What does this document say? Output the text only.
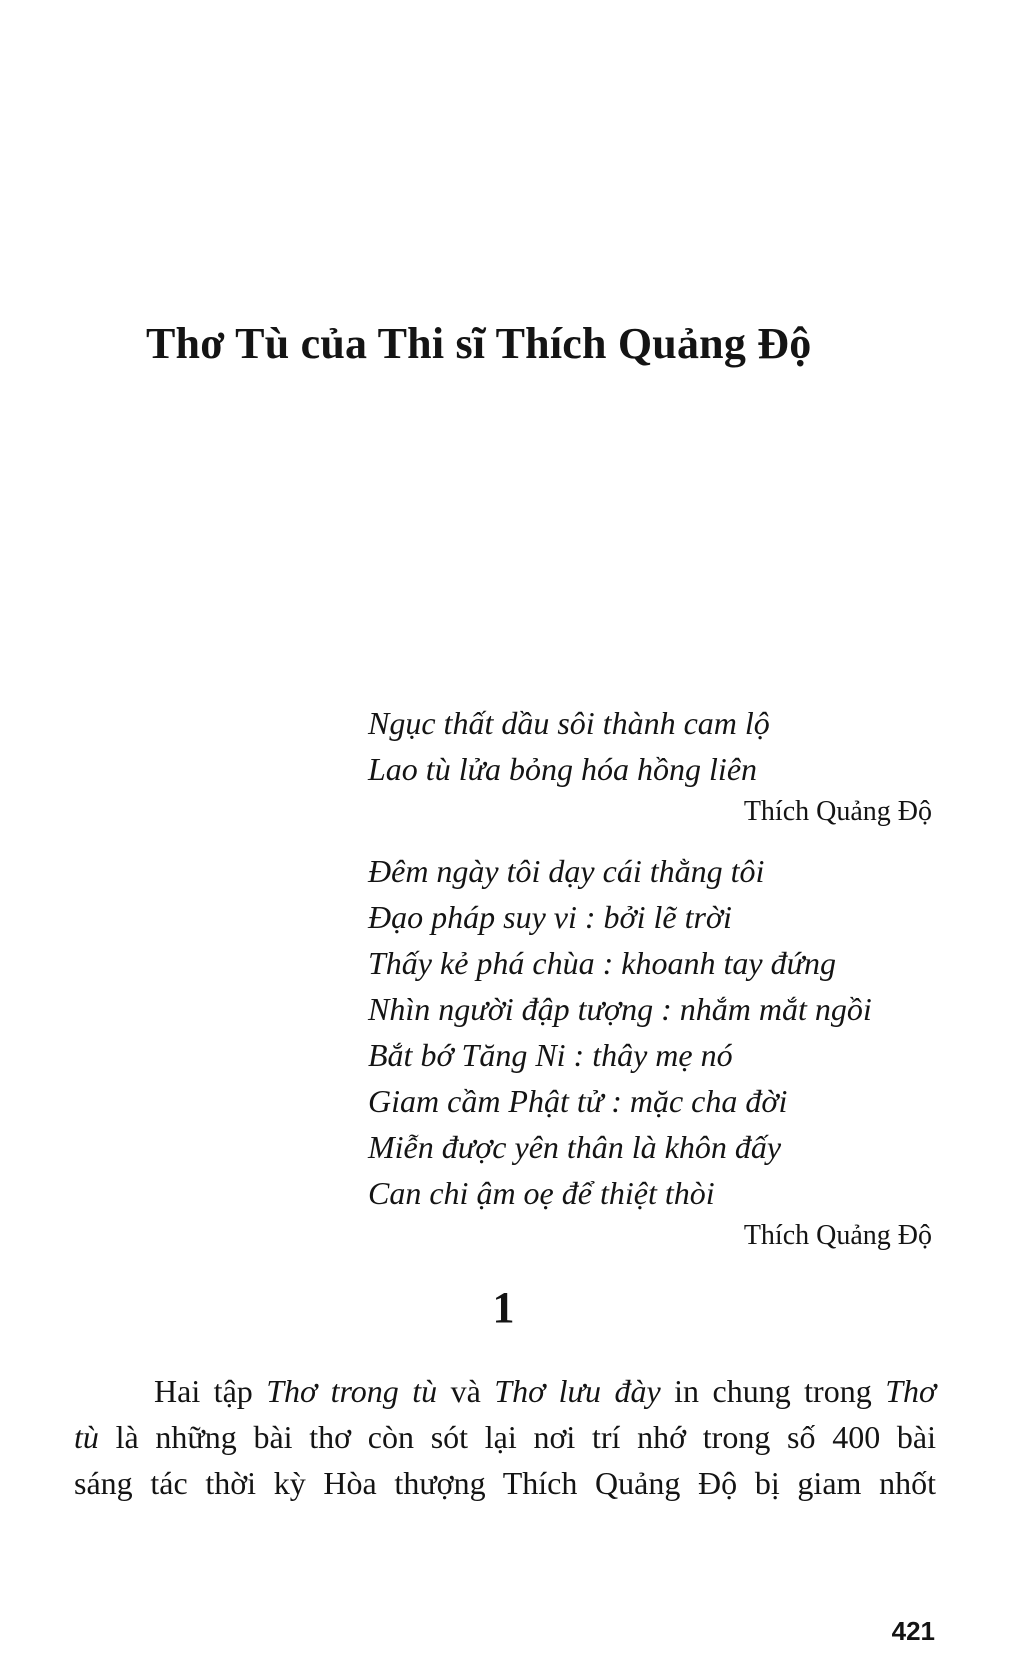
Thơ Tù của Thi sĩ Thích Quảng Độ
Ngục thất dầu sôi thành cam lộ
Lao tù lửa bỏng hóa hồng liên
Thích Quảng Độ
Đêm ngày tôi dạy cái thằng tôi
Đạo pháp suy vi : bởi lẽ trời
Thấy kẻ phá chùa : khoanh tay đứng
Nhìn người đập tượng : nhắm mắt ngồi
Bắt bớ Tăng Ni : thây mẹ nó
Giam cầm Phật tử : mặc cha đời
Miễn được yên thân là khôn đấy
Can chi ậm oẹ để thiệt thòi
Thích Quảng Độ
1

Hai tập Thơ trong tù và Thơ lưu đày in chung trong Thơ
tù là những bài thơ còn sót lại nơi trí nhớ trong số 400 bài
sáng tác thời kỳ Hòa thượng Thích Quảng Độ bị giam nhốt

421
